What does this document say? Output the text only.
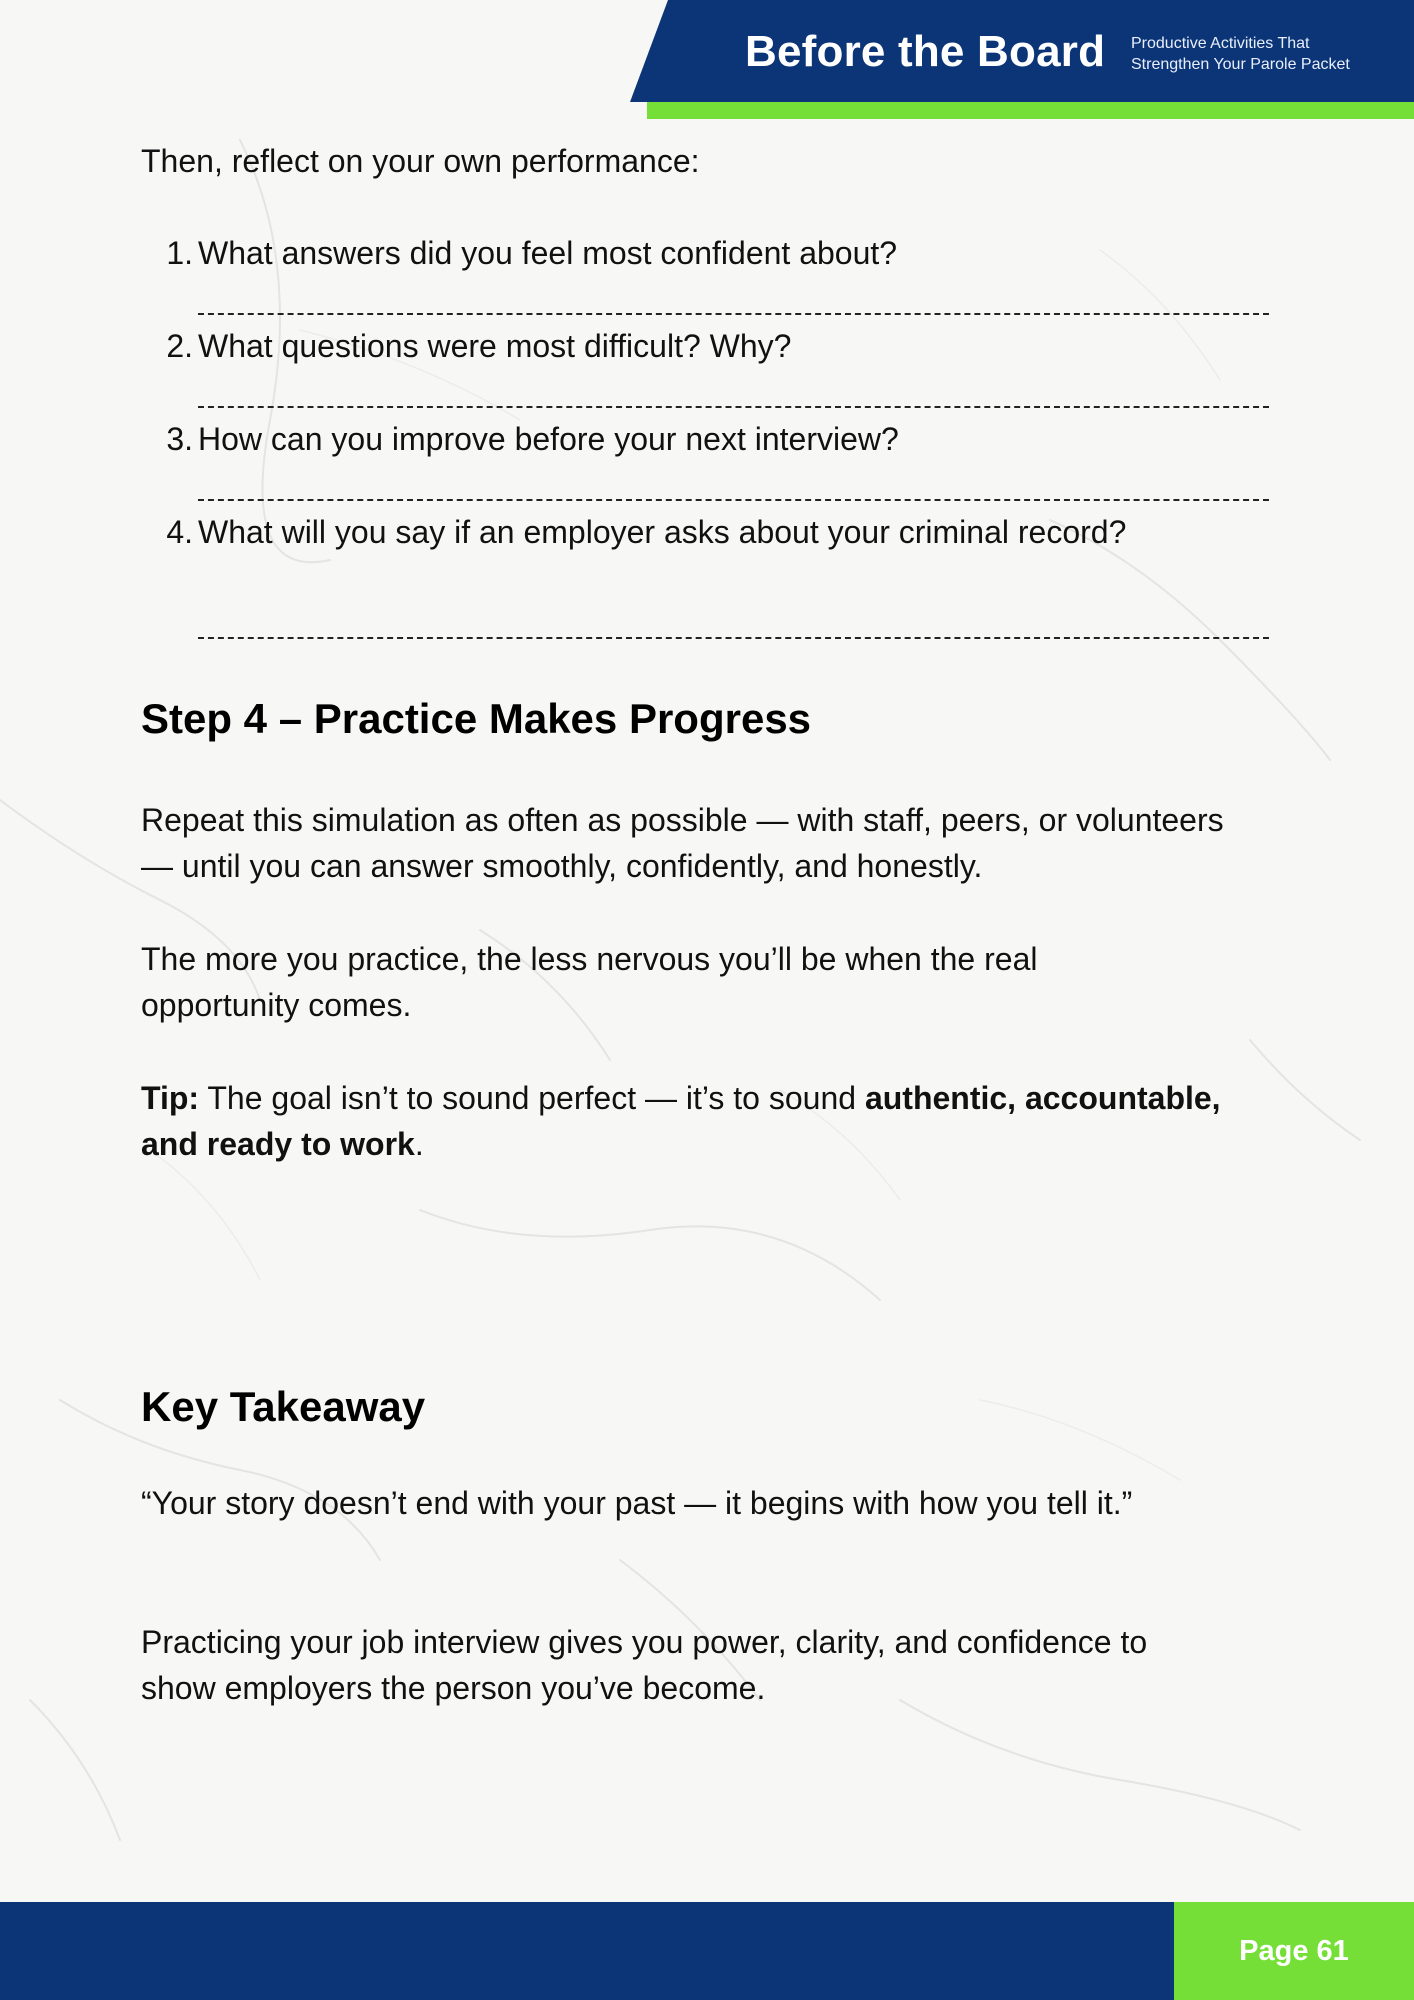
Before the Board Productive Activities That
Strengthen Your Parole Packet
Then, reflect on your own performance:
1. What answers did you feel most confident about?
2. What questions were most difficult? Why?
3. How can you improve before your next interview?
4. What will you say if an employer asks about your criminal record?
Step 4 – Practice Makes Progress
Repeat this simulation as often as possible — with staff, peers, or volunteers — until you can answer smoothly, confidently, and honestly.
The more you practice, the less nervous you’ll be when the real opportunity comes.
Tip: The goal isn’t to sound perfect — it’s to sound authentic, accountable, and ready to work.
Key Takeaway
“Your story doesn’t end with your past — it begins with how you tell it.”
Practicing your job interview gives you power, clarity, and confidence to show employers the person you’ve become.
Page 61
